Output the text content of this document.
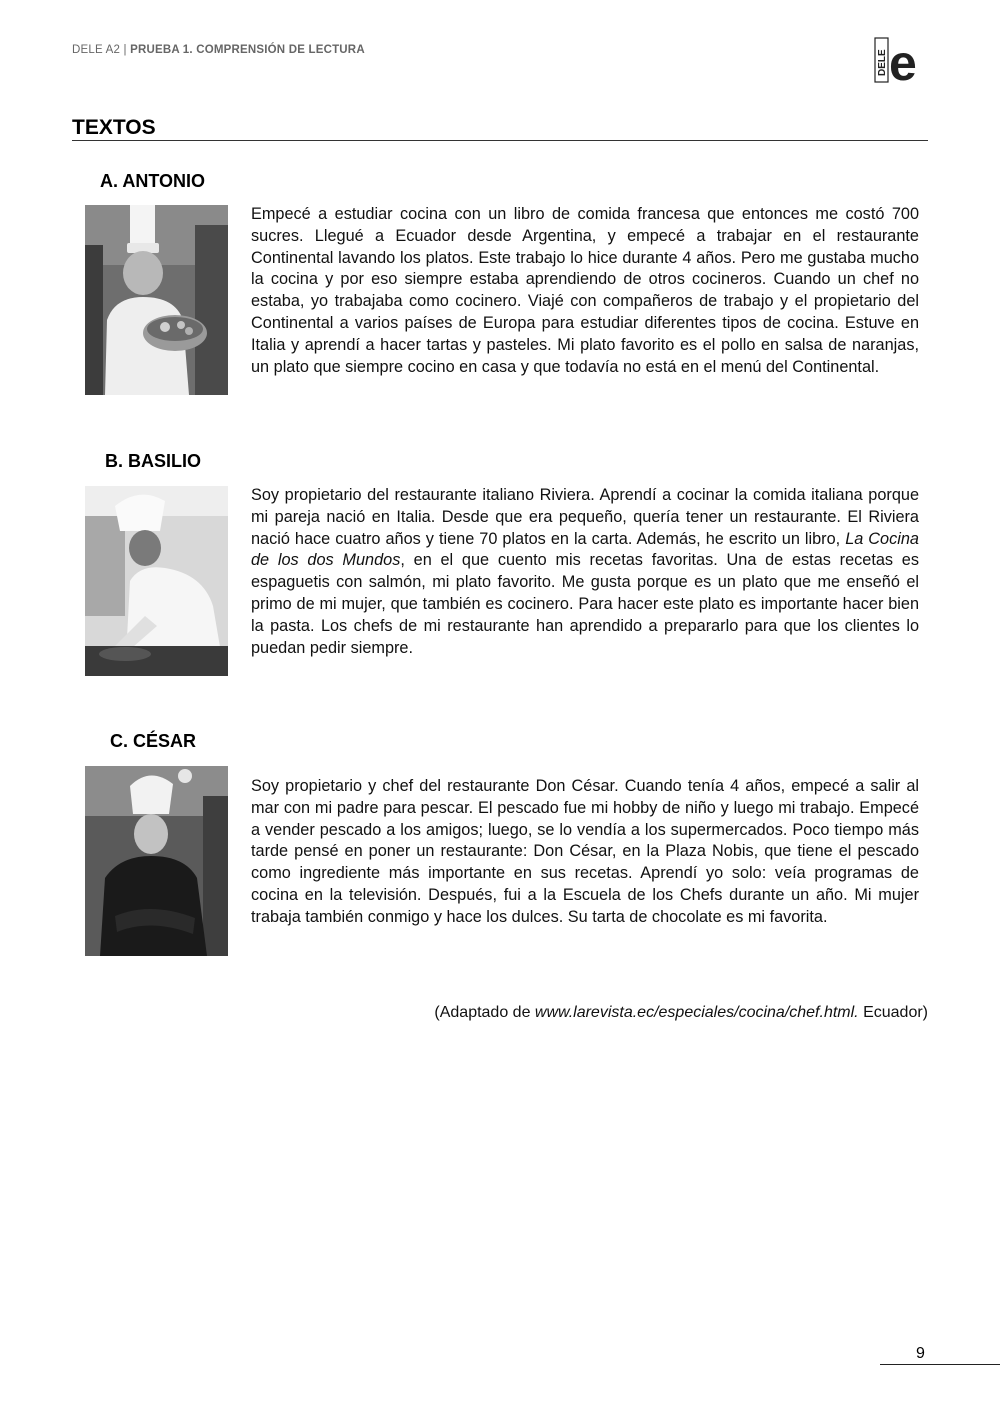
DELE A2 | PRUEBA 1. COMPRENSIÓN DE LECTURA	DELE e
TEXTOS
A. ANTONIO

Empecé a estudiar cocina con un libro de comida francesa que entonces me costó 700 sucres. Llegué a Ecuador desde Argentina, y empecé a trabajar en el restaurante Continental lavando los platos. Este trabajo lo hice durante 4 años. Pero me gustaba mucho la cocina y por eso siempre estaba aprendiendo de otros cocineros. Cuando un chef no estaba, yo trabajaba como cocinero. Viajé con compañeros de trabajo y el propietario del Continental a varios países de Europa para estudiar diferentes tipos de cocina. Estuve en Italia y aprendí a hacer tartas y pasteles. Mi plato favorito es el pollo en salsa de naranjas, un plato que siempre cocino en casa y que todavía no está en el menú del Continental.

B. BASILIO

Soy propietario del restaurante italiano Riviera. Aprendí a cocinar la comida italiana porque mi pareja nació en Italia. Desde que era pequeño, quería tener un restaurante. El Riviera nació hace cuatro años y tiene 70 platos en la carta. Además, he escrito un libro, La Cocina de los dos Mundos, en el que cuento mis recetas favoritas. Una de estas recetas es espaguetis con salmón, mi plato favorito. Me gusta porque es un plato que me enseñó el primo de mi mujer, que también es cocinero. Para hacer este plato es importante hacer bien la pasta. Los chefs de mi restaurante han aprendido a prepararlo para que los clientes lo puedan pedir siempre.

C. CÉSAR

Soy propietario y chef del restaurante Don César. Cuando tenía 4 años, empecé a salir al mar con mi padre para pescar. El pescado fue mi hobby de niño y luego mi trabajo. Empecé a vender pescado a los amigos; luego, se lo vendía a los supermercados. Poco tiempo más tarde pensé en poner un restaurante: Don César, en la Plaza Nobis, que tiene el pescado como ingrediente más importante en sus recetas. Aprendí yo solo: veía programas de cocina en la televisión. Después, fui a la Escuela de los Chefs durante un año. Mi mujer trabaja también conmigo y hace los dulces. Su tarta de chocolate es mi favorita.

(Adaptado de www.larevista.ec/especiales/cocina/chef.html. Ecuador)
9
